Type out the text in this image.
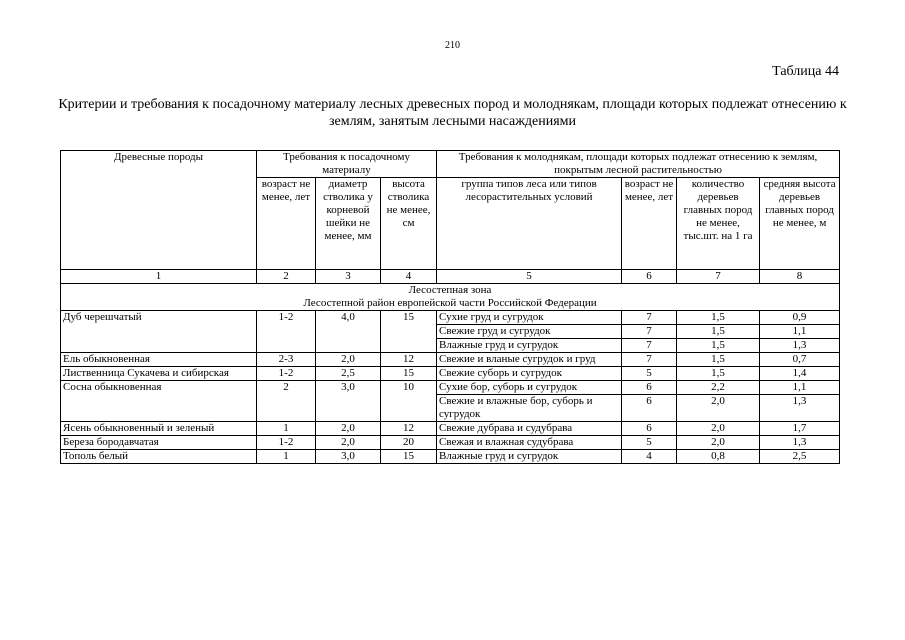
210
Таблица 44
Критерии и требования к посадочному материалу лесных древесных пород и молоднякам, площади которых подлежат отнесению к землям, занятым лесными насаждениями
Древесные породы	Требования к посадочному материалу			Требования к молоднякам, площади которых подлежат отнесению к землям, покрытым лесной растительностью			
	возраст не менее, лет	диаметр стволика у корневой шейки не менее, мм	высота стволика не менее, см	группа типов леса или типов лесорастительных условий	возраст не менее, лет	количество деревьев главных пород не менее, тыс.шт. на 1 га	средняя высота деревьев главных пород не менее, м
1	2	3	4	5	6	7	8

Лесостепная зона
Лесостепной район европейской части Российской Федерации							

Дуб черешчатый	1-2	4,0	15	Сухие груд и сугрудок	7	1,5	0,9
				Свежие груд и сугрудок	7	1,5	1,1
				Влажные груд и сугрудок	7	1,5	1,3
Ель обыкновенная	2-3	2,0	12	Свежие и вланые сугрудок и груд	7	1,5	0,7
Лиственница Сукачева и сибирская	1-2	2,5	15	Свежие суборь и сугрудок	5	1,5	1,4
Сосна обыкновенная	2	3,0	10	Сухие бор, суборь и сугрудок	6	2,2	1,1
				Свежие и влажные бор, суборь и сугрудок	6	2,0	1,3
Ясень обыкновенный и зеленый	1	2,0	12	Свежие дубрава и судубрава	6	2,0	1,7
Береза бородавчатая	1-2	2,0	20	Свежая и влажная судубрава	5	2,0	1,3
Тополь белый	1	3,0	15	Влажные груд и сугрудок	4	0,8	2,5
